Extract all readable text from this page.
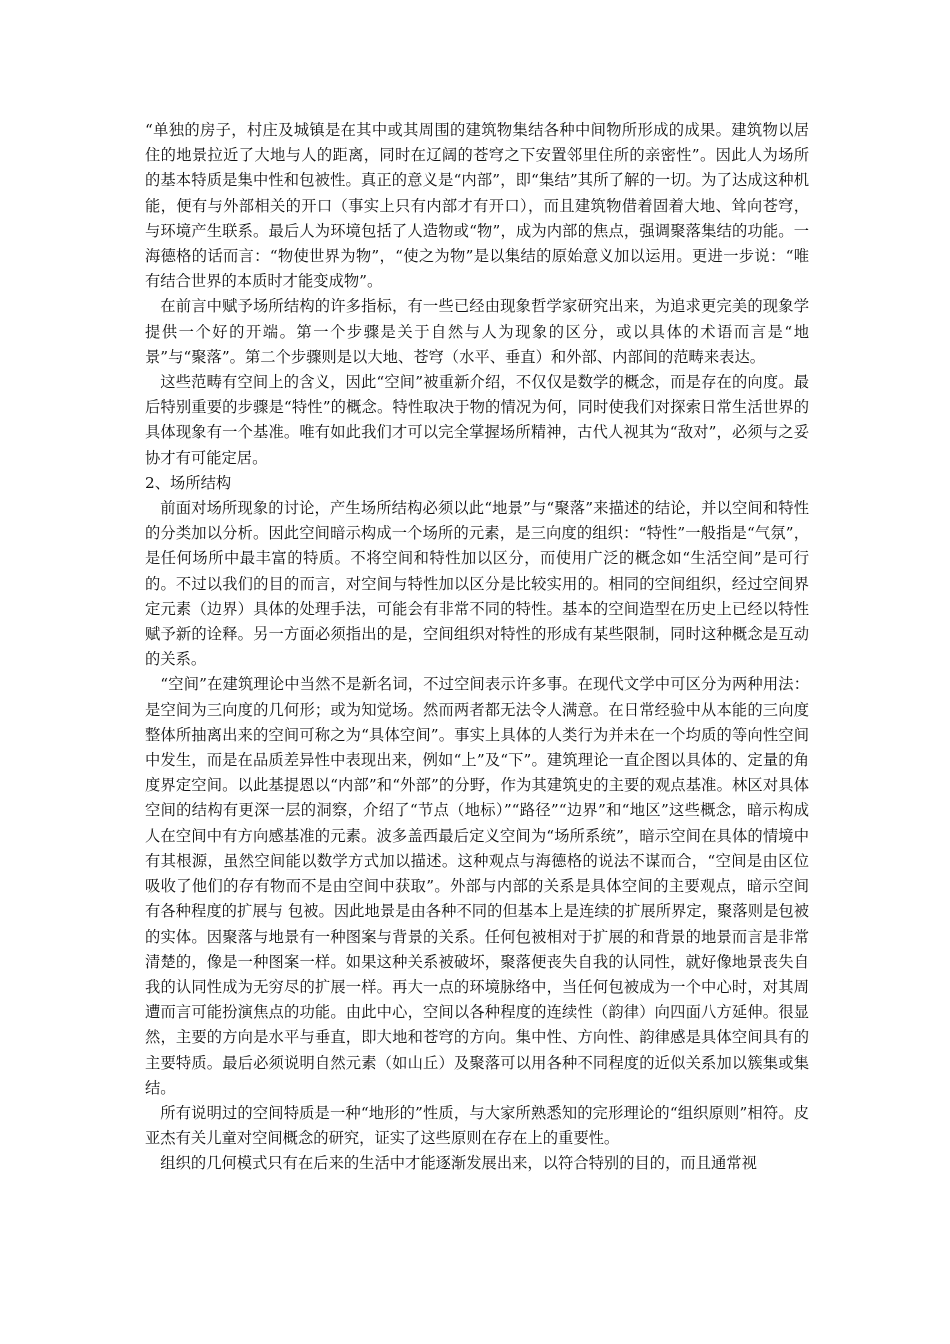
“单独的房子，村庄及城镇是在其中或其周围的建筑物集结各种中间物所形成的成果。建筑物以居住的地景拉近了大地与人的距离，同时在辽阔的苍穹之下安置邻里住所的亲密性”。因此人为场所的基本特质是集中性和包被性。真正的意义是“内部”，即“集结”其所了解的一切。为了达成这种机能，便有与外部相关的开口（事实上只有内部才有开口），而且建筑物借着固着大地、耸向苍穹，与环境产生联系。最后人为环境包括了人造物或“物”，成为内部的焦点，强调聚落集结的功能。一海德格的话而言：“物使世界为物”，“使之为物”是以集结的原始意义加以运用。更进一步说：“唯有结合世界的本质时才能变成物”。

在前言中赋予场所结构的许多指标，有一些已经由现象哲学家研究出来，为追求更完美的现象学提供一个好的开端。第一个步骤是关于自然与人为现象的区分，或以具体的术语而言是“地景”与“聚落”。第二个步骤则是以大地、苍穹（水平、垂直）和外部、内部间的范畴来表达。

这些范畴有空间上的含义，因此“空间”被重新介绍，不仅仅是数学的概念，而是存在的向度。最后特别重要的步骤是“特性”的概念。特性取决于物的情况为何，同时使我们对探索日常生活世界的具体现象有一个基准。唯有如此我们才可以完全掌握场所精神，古代人视其为“敌对”，必须与之妥协才有可能定居。

2、场所结构

前面对场所现象的讨论，产生场所结构必须以此“地景”与“聚落”来描述的结论，并以空间和特性的分类加以分析。因此空间暗示构成一个场所的元素，是三向度的组织：“特性”一般指是“气氛”，是任何场所中最丰富的特质。不将空间和特性加以区分，而使用广泛的概念如“生活空间”是可行的。不过以我们的目的而言，对空间与特性加以区分是比较实用的。相同的空间组织，经过空间界定元素（边界）具体的处理手法，可能会有非常不同的特性。基本的空间造型在历史上已经以特性赋予新的诠释。另一方面必须指出的是，空间组织对特性的形成有某些限制，同时这种概念是互动的关系。

“空间”在建筑理论中当然不是新名词，不过空间表示许多事。在现代文学中可区分为两种用法：是空间为三向度的几何形；或为知觉场。然而两者都无法令人满意。在日常经验中从本能的三向度整体所抽离出来的空间可称之为“具体空间”。事实上具体的人类行为并未在一个均质的等向性空间中发生，而是在品质差异性中表现出来，例如“上”及“下”。建筑理论一直企图以具体的、定量的角度界定空间。以此基提恩以“内部”和“外部”的分野，作为其建筑史的主要的观点基准。林区对具体空间的结构有更深一层的洞察，介绍了“节点（地标）”“路径”“边界”和“地区”这些概念，暗示构成人在空间中有方向感基准的元素。波多盖西最后定义空间为“场所系统”，暗示空间在具体的情境中有其根源，虽然空间能以数学方式加以描述。这种观点与海德格的说法不谋而合，“空间是由区位吸收了他们的存有物而不是由空间中获取”。外部与内部的关系是具体空间的主要观点，暗示空间有各种程度的扩展与 包被。因此地景是由各种不同的但基本上是连续的扩展所界定，聚落则是包被的实体。因聚落与地景有一种图案与背景的关系。任何包被相对于扩展的和背景的地景而言是非常清楚的，像是一种图案一样。如果这种关系被破坏，聚落便丧失自我的认同性，就好像地景丧失自我的认同性成为无穷尽的扩展一样。再大一点的环境脉络中，当任何包被成为一个中心时，对其周遭而言可能扮演焦点的功能。由此中心，空间以各种程度的连续性（韵律）向四面八方延伸。很显然，主要的方向是水平与垂直，即大地和苍穹的方向。集中性、方向性、韵律感是具体空间具有的主要特质。最后必须说明自然元素（如山丘）及聚落可以用各种不同程度的近似关系加以簇集或集结。

所有说明过的空间特质是一种“地形的”性质，与大家所熟悉知的完形理论的“组织原则”相符。皮亚杰有关儿童对空间概念的研究，证实了这些原则在存在上的重要性。

组织的几何模式只有在后来的生活中才能逐渐发展出来，以符合特别的目的，而且通常视
